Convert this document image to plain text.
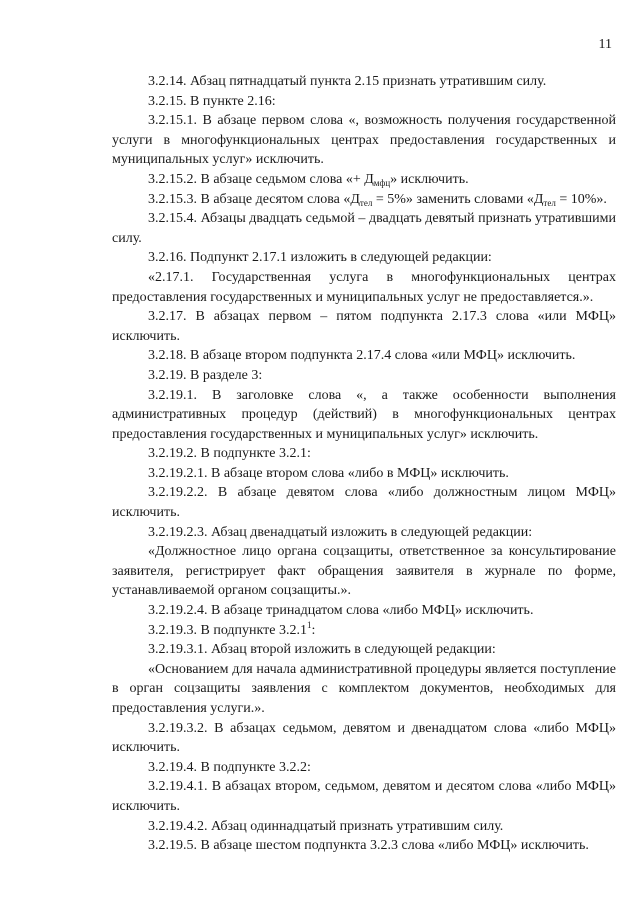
11

3.2.14. Абзац пятнадцатый пункта 2.15 признать утратившим силу.

3.2.15. В пункте 2.16:

3.2.15.1. В абзаце первом слова «, возможность получения государственной услуги в многофункциональных центрах предоставления государственных и муниципальных услуг» исключить.

3.2.15.2. В абзаце седьмом слова «+ $Д_{мфц}$» исключить.

3.2.15.3. В абзаце десятом слова «$Д_{тел} = 5\%$» заменить словами «$Д_{тел} = 10\%$».

3.2.15.4. Абзацы двадцать седьмой – двадцать девятый признать утратившими силу.

3.2.16. Подпункт 2.17.1 изложить в следующей редакции:

«2.17.1. Государственная услуга в многофункциональных центрах предоставления государственных и муниципальных услуг не предоставляется.».

3.2.17. В абзацах первом – пятом подпункта 2.17.3 слова «или МФЦ» исключить.

3.2.18. В абзаце втором подпункта 2.17.4 слова «или МФЦ» исключить.

3.2.19. В разделе 3:

3.2.19.1. В заголовке слова «, а также особенности выполнения административных процедур (действий) в многофункциональных центрах предоставления государственных и муниципальных услуг» исключить.

3.2.19.2. В подпункте 3.2.1:

3.2.19.2.1. В абзаце втором слова «либо в МФЦ» исключить.

3.2.19.2.2. В абзаце девятом слова «либо должностным лицом МФЦ» исключить.

3.2.19.2.3. Абзац двенадцатый изложить в следующей редакции:

«Должностное лицо органа соцзащиты, ответственное за консультирование заявителя, регистрирует факт обращения заявителя в журнале по форме, устанавливаемой органом соцзащиты.».

3.2.19.2.4. В абзаце тринадцатом слова «либо МФЦ» исключить.

3.2.19.3. В подпункте 3.2.1$^1$:

3.2.19.3.1. Абзац второй изложить в следующей редакции:

«Основанием для начала административной процедуры является поступление в орган соцзащиты заявления с комплектом документов, необходимых для предоставления услуги.».

3.2.19.3.2. В абзацах седьмом, девятом и двенадцатом слова «либо МФЦ» исключить.

3.2.19.4. В подпункте 3.2.2:

3.2.19.4.1. В абзацах втором, седьмом, девятом и десятом слова «либо МФЦ» исключить.

3.2.19.4.2. Абзац одиннадцатый признать утратившим силу.

3.2.19.5. В абзаце шестом подпункта 3.2.3 слова «либо МФЦ» исключить.
